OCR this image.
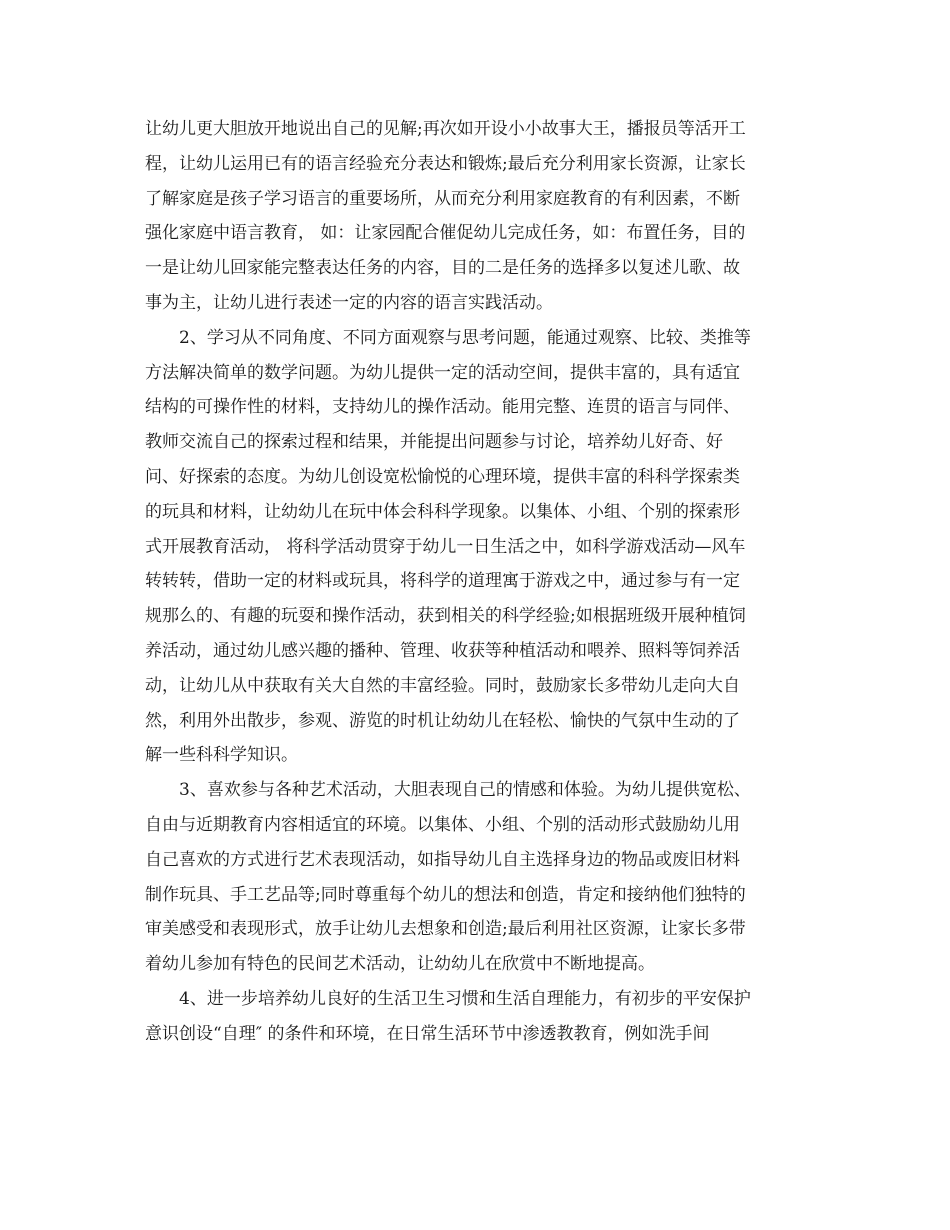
让幼儿更大胆放开地说出自己的见解;再次如开设小小故事大王，播报员等活开工
程，让幼儿运用已有的语言经验充分表达和锻炼;最后充分利用家长资源，让家长
了解家庭是孩子学习语言的重要场所，从而充分利用家庭教育的有利因素，不断
强化家庭中语言教育， 如：让家园配合催促幼儿完成任务，如：布置任务，目的
一是让幼儿回家能完整表达任务的内容，目的二是任务的选择多以复述儿歌、故
事为主，让幼儿进行表述一定的内容的语言实践活动。
2、学习从不同角度、不同方面观察与思考问题，能通过观察、比较、类推等
方法解决简单的数学问题。为幼儿提供一定的活动空间，提供丰富的，具有适宜
结构的可操作性的材料，支持幼儿的操作活动。能用完整、连贯的语言与同伴、
教师交流自己的探索过程和结果，并能提出问题参与讨论，培养幼儿好奇、好
问、好探索的态度。为幼儿创设宽松愉悦的心理环境，提供丰富的科科学探索类
的玩具和材料，让幼幼儿在玩中体会科科学现象。以集体、小组、个别的探索形
式开展教育活动， 将科学活动贯穿于幼儿一日生活之中，如科学游戏活动—风车
转转转，借助一定的材料或玩具，将科学的道理寓于游戏之中，通过参与有一定
规那么的、有趣的玩耍和操作活动，获到相关的科学经验;如根据班级开展种植饲
养活动，通过幼儿感兴趣的播种、管理、收获等种植活动和喂养、照料等饲养活
动，让幼儿从中获取有关大自然的丰富经验。同时，鼓励家长多带幼儿走向大自
然，利用外出散步，参观、游览的时机让幼幼儿在轻松、愉快的气氛中生动的了
解一些科科学知识。
3、喜欢参与各种艺术活动，大胆表现自己的情感和体验。为幼儿提供宽松、
自由与近期教育内容相适宜的环境。以集体、小组、个别的活动形式鼓励幼儿用
自己喜欢的方式进行艺术表现活动，如指导幼儿自主选择身边的物品或废旧材料
制作玩具、手工艺品等;同时尊重每个幼儿的想法和创造，肯定和接纳他们独特的
审美感受和表现形式，放手让幼儿去想象和创造;最后利用社区资源，让家长多带
着幼儿参加有特色的民间艺术活动，让幼幼儿在欣赏中不断地提高。
4、进一步培养幼儿良好的生活卫生习惯和生活自理能力，有初步的平安保护
意识创设“自理″ 的条件和环境，在日常生活环节中渗透教教育，例如洗手间
